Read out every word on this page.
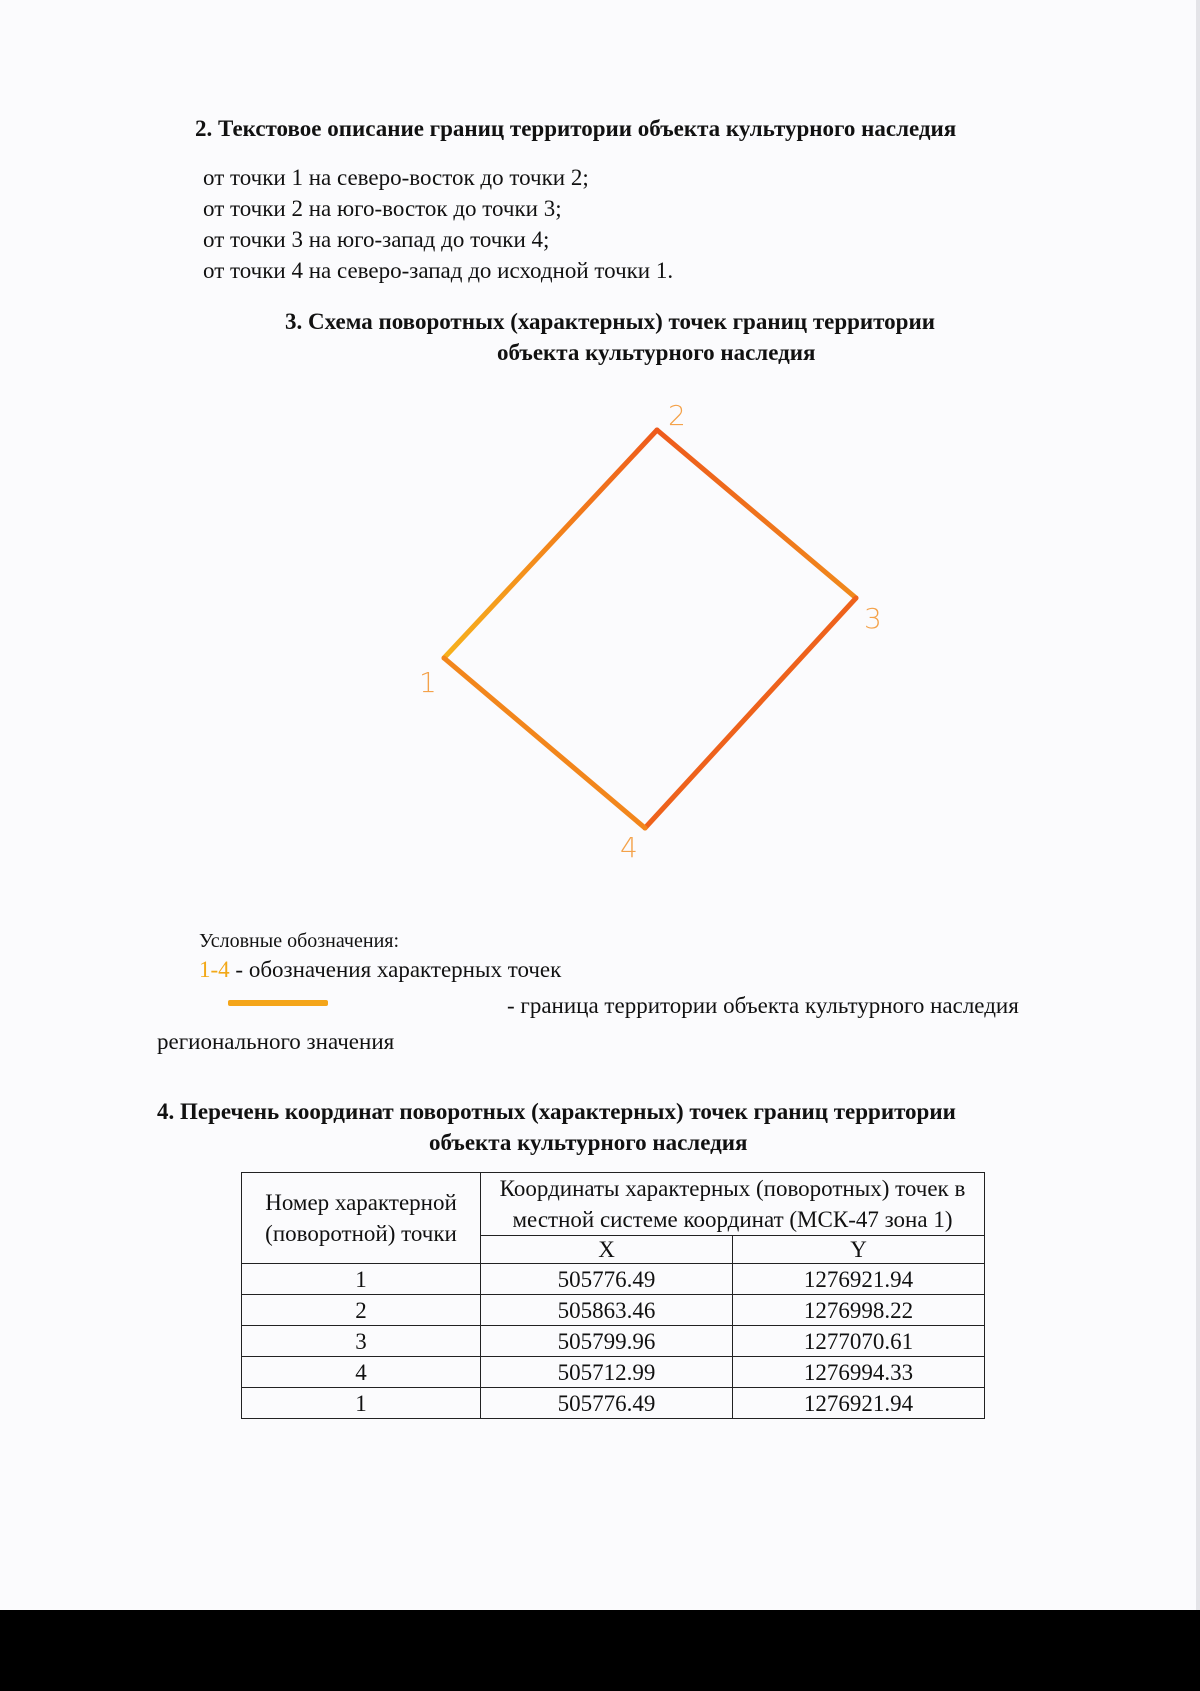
2. Текстовое описание границ территории объекта культурного наследия
от точки 1 на северо-восток до точки 2;
от точки 2 на юго-восток до точки 3;
от точки 3 на юго-запад до точки 4;
от точки 4 на северо-запад до исходной точки 1.
3. Схема поворотных (характерных) точек границ территории
объекта культурного наследия
1
2
3
4
Условные обозначения:
1-4 - обозначения характерных точек
- граница территории объекта культурного наследия
регионального значения
4. Перечень координат поворотных (характерных) точек границ территории
объекта культурного наследия
Номер характерной (поворотной) точки	Координаты характерных (поворотных) точек в местной системе координат (МСК-47 зона 1)	
	X	Y
1	505776.49	1276921.94
2	505863.46	1276998.22
3	505799.96	1277070.61
4	505712.99	1276994.33
1	505776.49	1276921.94
